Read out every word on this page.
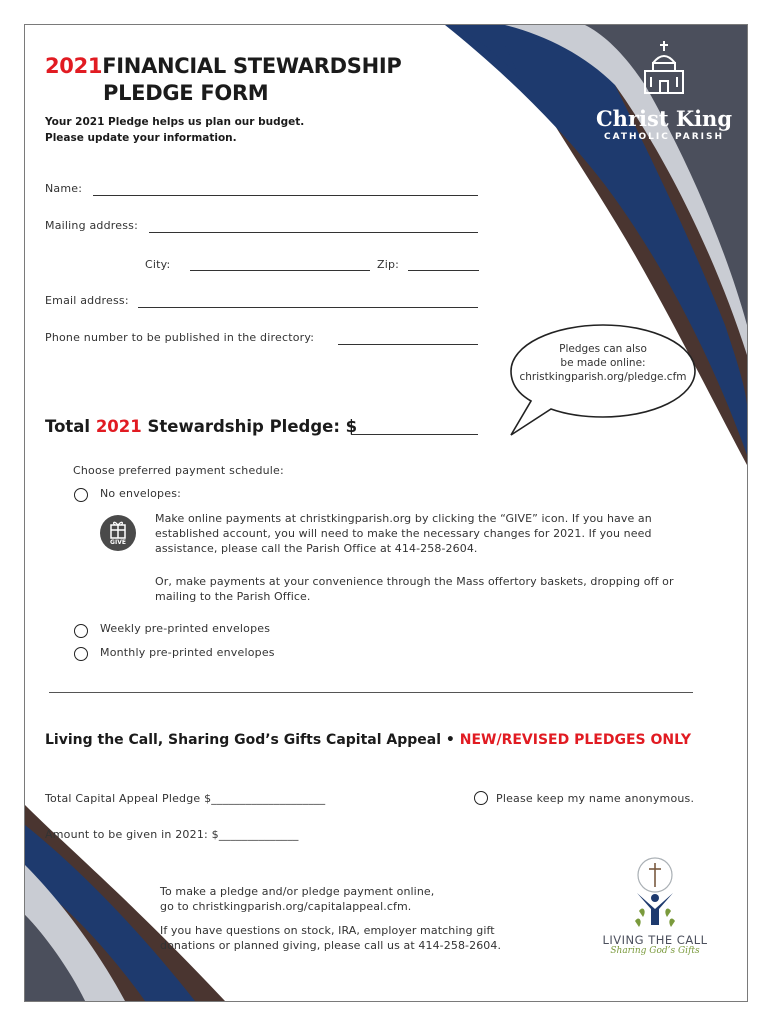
2021FINANCIAL STEWARDSHIP
PLEDGE FORM
Your 2021 Pledge helps us plan our budget.
Please update your information.
Christ King
CATHOLIC PARISH
Name:
Mailing address:
City:	Zip:
Email address:
Phone number to be published in the directory:
Pledges can also
be made online:
christkingparish.org/pledge.cfm
Total 2021 Stewardship Pledge: $
Choose preferred payment schedule:
No envelopes:
GIVE
Make online payments at christkingparish.org by clicking the “GIVE” icon. If you have an established account, you will need to make the necessary changes for 2021. If you need assistance, please call the Parish Office at 414-258-2604.
Or, make payments at your convenience through the Mass offertory baskets, dropping off or mailing to the Parish Office.
Weekly pre-printed envelopes
Monthly pre-printed envelopes
Living the Call, Sharing God’s Gifts Capital Appeal • NEW/REVISED PLEDGES ONLY
Total Capital Appeal Pledge $____________________	Please keep my name anonymous.
Amount to be given in 2021: $______________
To make a pledge and/or pledge payment online,
go to christkingparish.org/capitalappeal.cfm.
If you have questions on stock, IRA, employer matching gift
donations or planned giving, please call us at 414-258-2604.	LIVING THE CALL
Sharing God’s Gifts
